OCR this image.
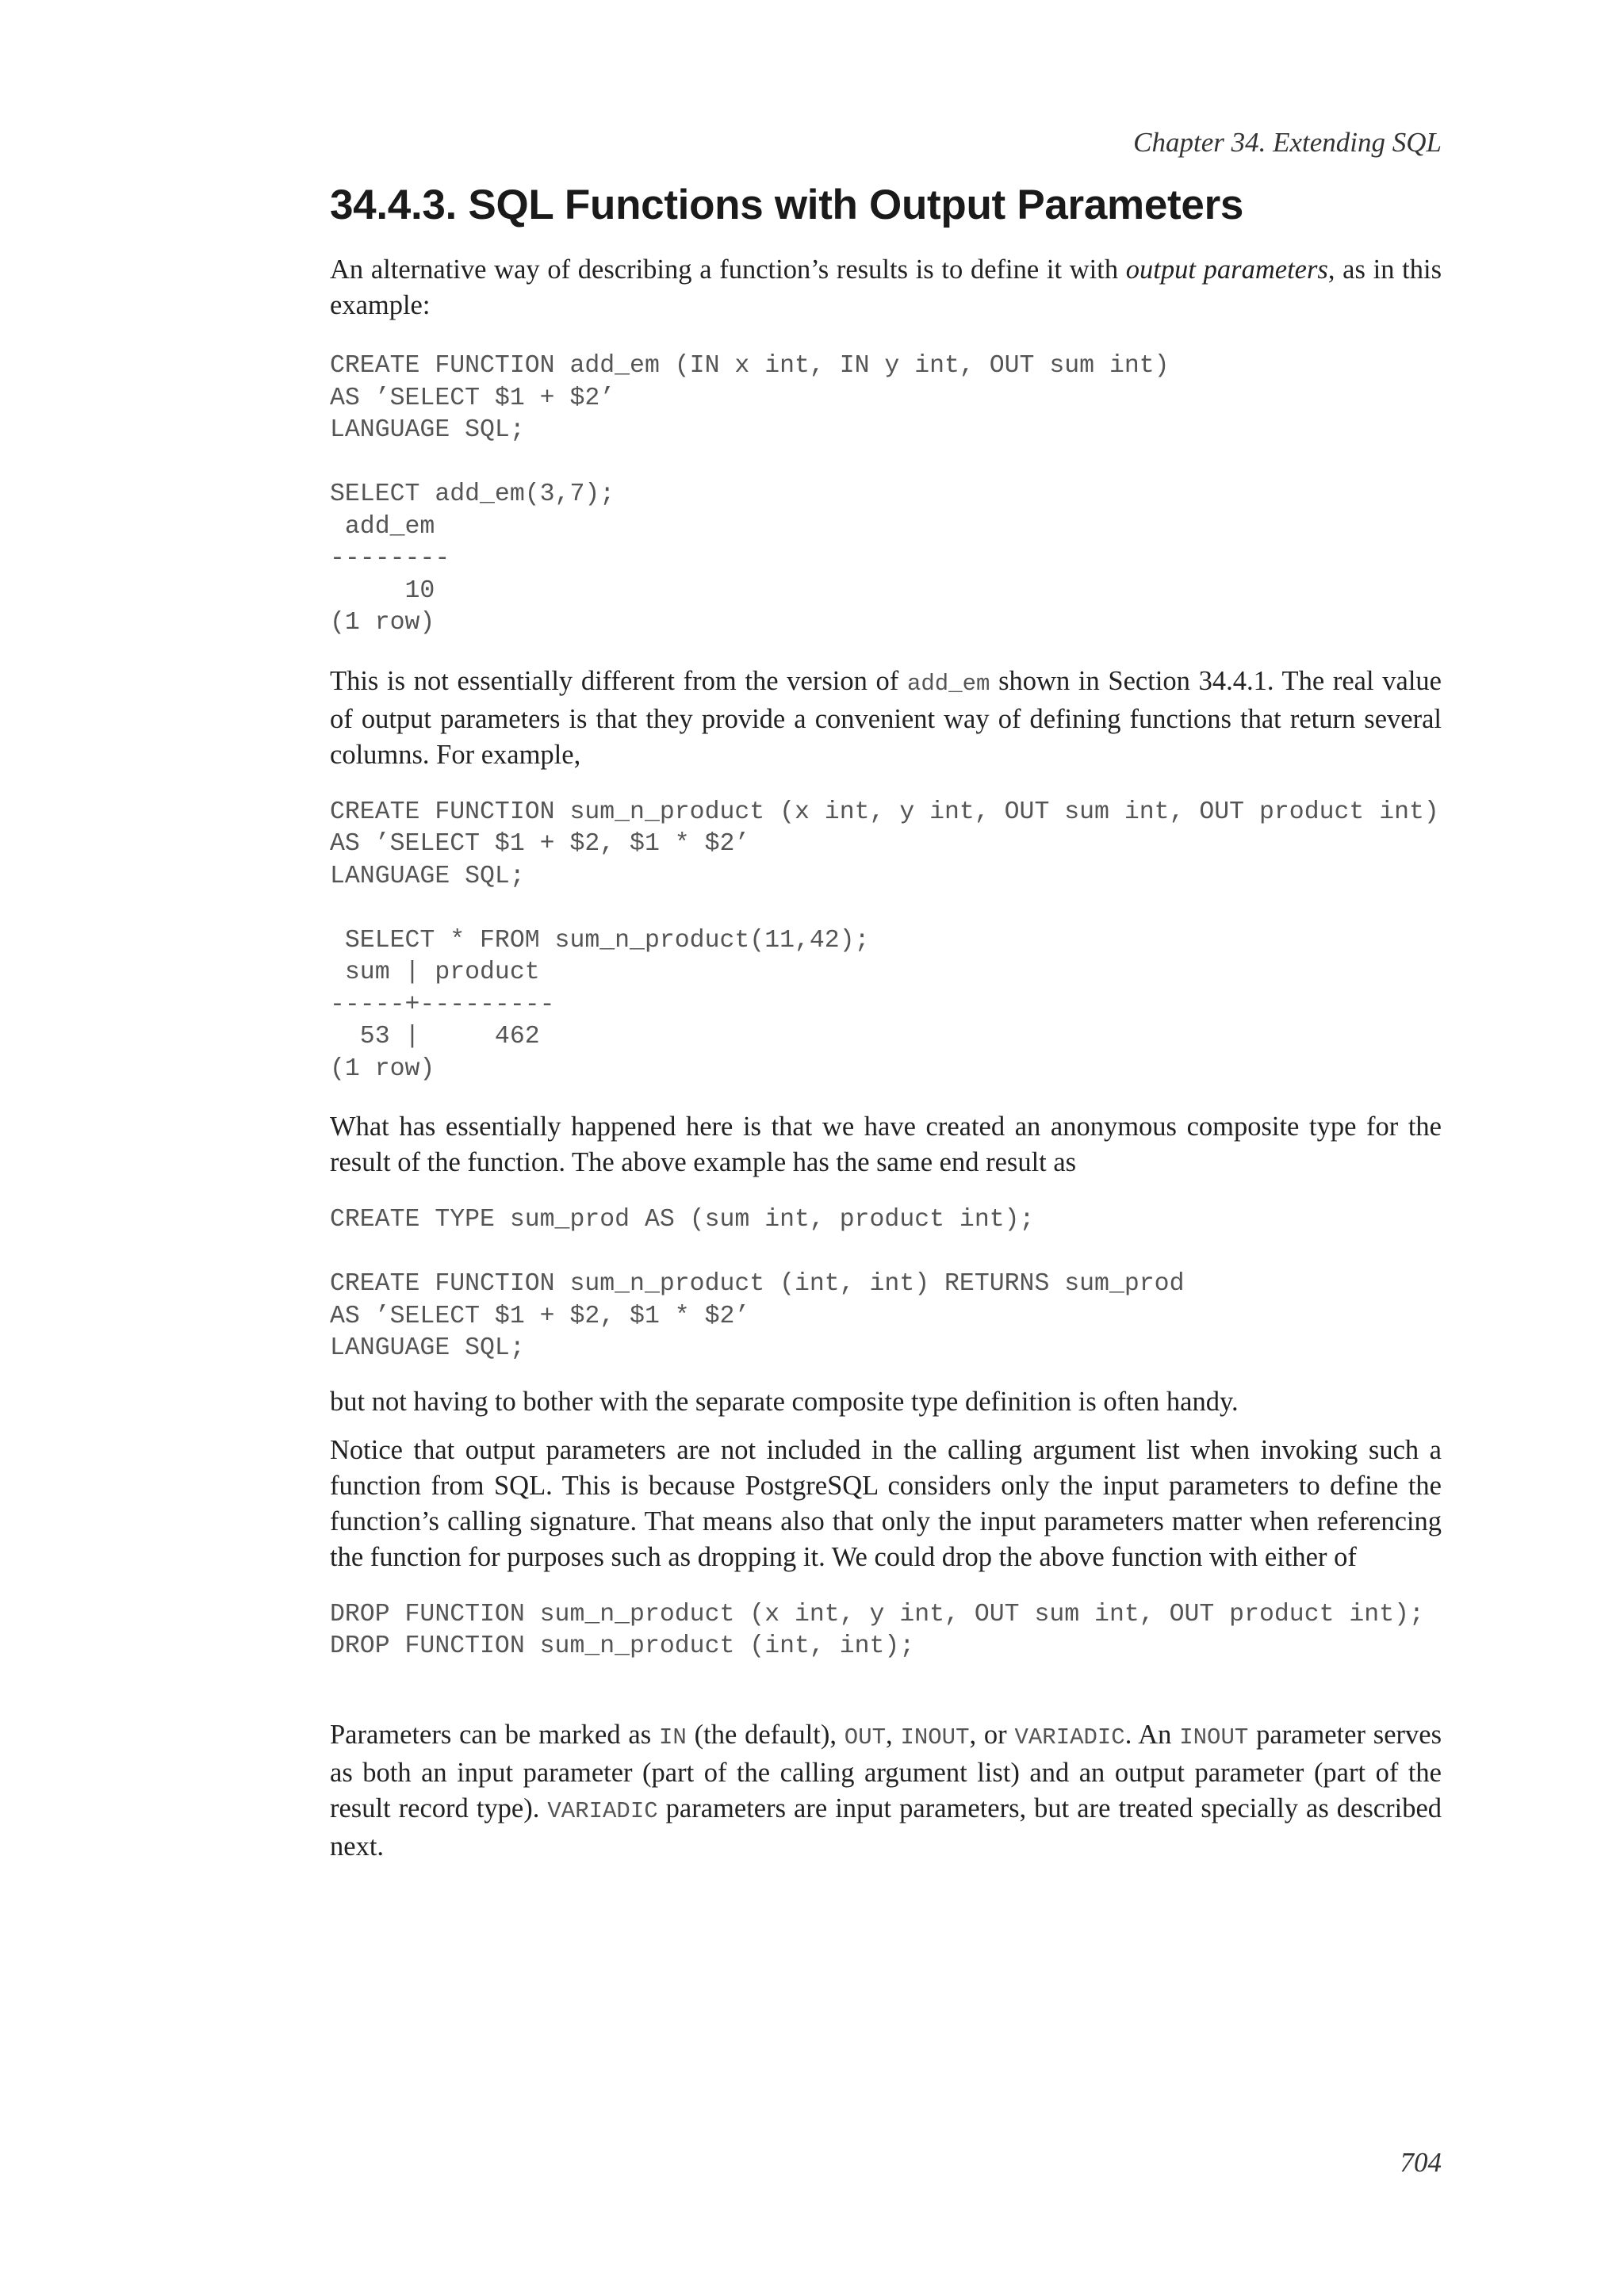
Chapter 34. Extending SQL
34.4.3. SQL Functions with Output Parameters

An alternative way of describing a function’s results is to define it with output parameters, as in this example:

CREATE FUNCTION add_em (IN x int, IN y int, OUT sum int)
AS ’SELECT $1 + $2’
LANGUAGE SQL;

SELECT add_em(3,7);
add_em
--------
10
(1 row)

This is not essentially different from the version of add_em shown in Section 34.4.1. The real value of output parameters is that they provide a convenient way of defining functions that return several columns. For example,

CREATE FUNCTION sum_n_product (x int, y int, OUT sum int, OUT product int)
AS ’SELECT $1 + $2, $1 * $2’
LANGUAGE SQL;

SELECT * FROM sum_n_product(11,42);
sum | product
-----+---------
53 |     462
(1 row)

What has essentially happened here is that we have created an anonymous composite type for the result of the function. The above example has the same end result as

CREATE TYPE sum_prod AS (sum int, product int);

CREATE FUNCTION sum_n_product (int, int) RETURNS sum_prod
AS ’SELECT $1 + $2, $1 * $2’
LANGUAGE SQL;

but not having to bother with the separate composite type definition is often handy.

Notice that output parameters are not included in the calling argument list when invoking such a function from SQL. This is because PostgreSQL considers only the input parameters to define the function’s calling signature. That means also that only the input parameters matter when referencing the function for purposes such as dropping it. We could drop the above function with either of

DROP FUNCTION sum_n_product (x int, y int, OUT sum int, OUT product int);
DROP FUNCTION sum_n_product (int, int);

Parameters can be marked as IN (the default), OUT, INOUT, or VARIADIC. An INOUT parameter serves as both an input parameter (part of the calling argument list) and an output parameter (part of the result record type). VARIADIC parameters are input parameters, but are treated specially as described next.

704
